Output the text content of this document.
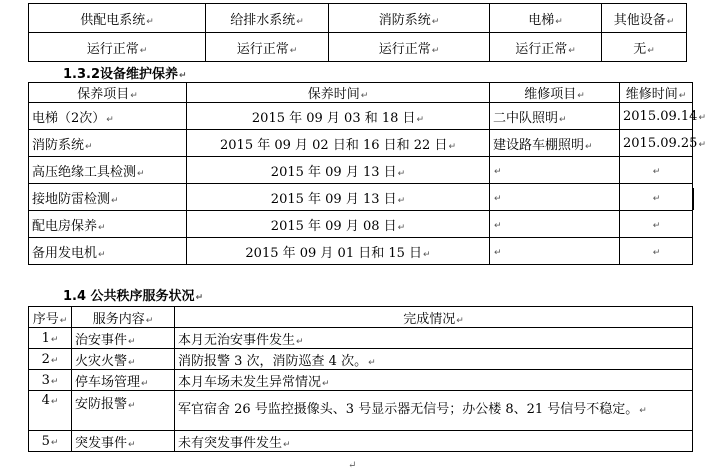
供配电系统↵	给排水系统↵	消防系统↵	电梯↵	其他设备↵
运行正常↵	运行正常↵	运行正常↵	运行正常↵	无↵
1.3.2设备维护保养↵
保养项目↵	保养时间↵	维修项目↵	维修时间↵
电梯（2次）↵	2015 年 09 月 03 和 18 日↵	二中队照明↵	2015.09.14↵
消防系统↵	2015 年 09 月 02 日和 16 日和 22 日↵	建设路车棚照明↵	2015.09.25↵
高压绝缘工具检测↵	2015 年 09 月 13 日↵	↵	↵
接地防雷检测↵	2015 年 09 月 13 日↵	↵	↵
配电房保养↵	2015 年 09 月 08 日↵	↵	↵
备用发电机↵	2015 年 09 月 01 日和 15 日↵	↵	↵
1.4 公共秩序服务状况↵
序号↵	服务内容↵	完成情况↵
1↵	治安事件↵	本月无治安事件发生↵
2↵	火灾火警↵	消防报警 3 次，消防巡查 4 次。↵
3↵	停车场管理↵	本月车场未发生异常情况↵
4↵	安防报警↵	军官宿舍 26 号监控摄像头、3 号显示器无信号；办公楼 8、21 号信号不稳定。↵
5↵	突发事件↵	未有突发事件发生↵
↵
